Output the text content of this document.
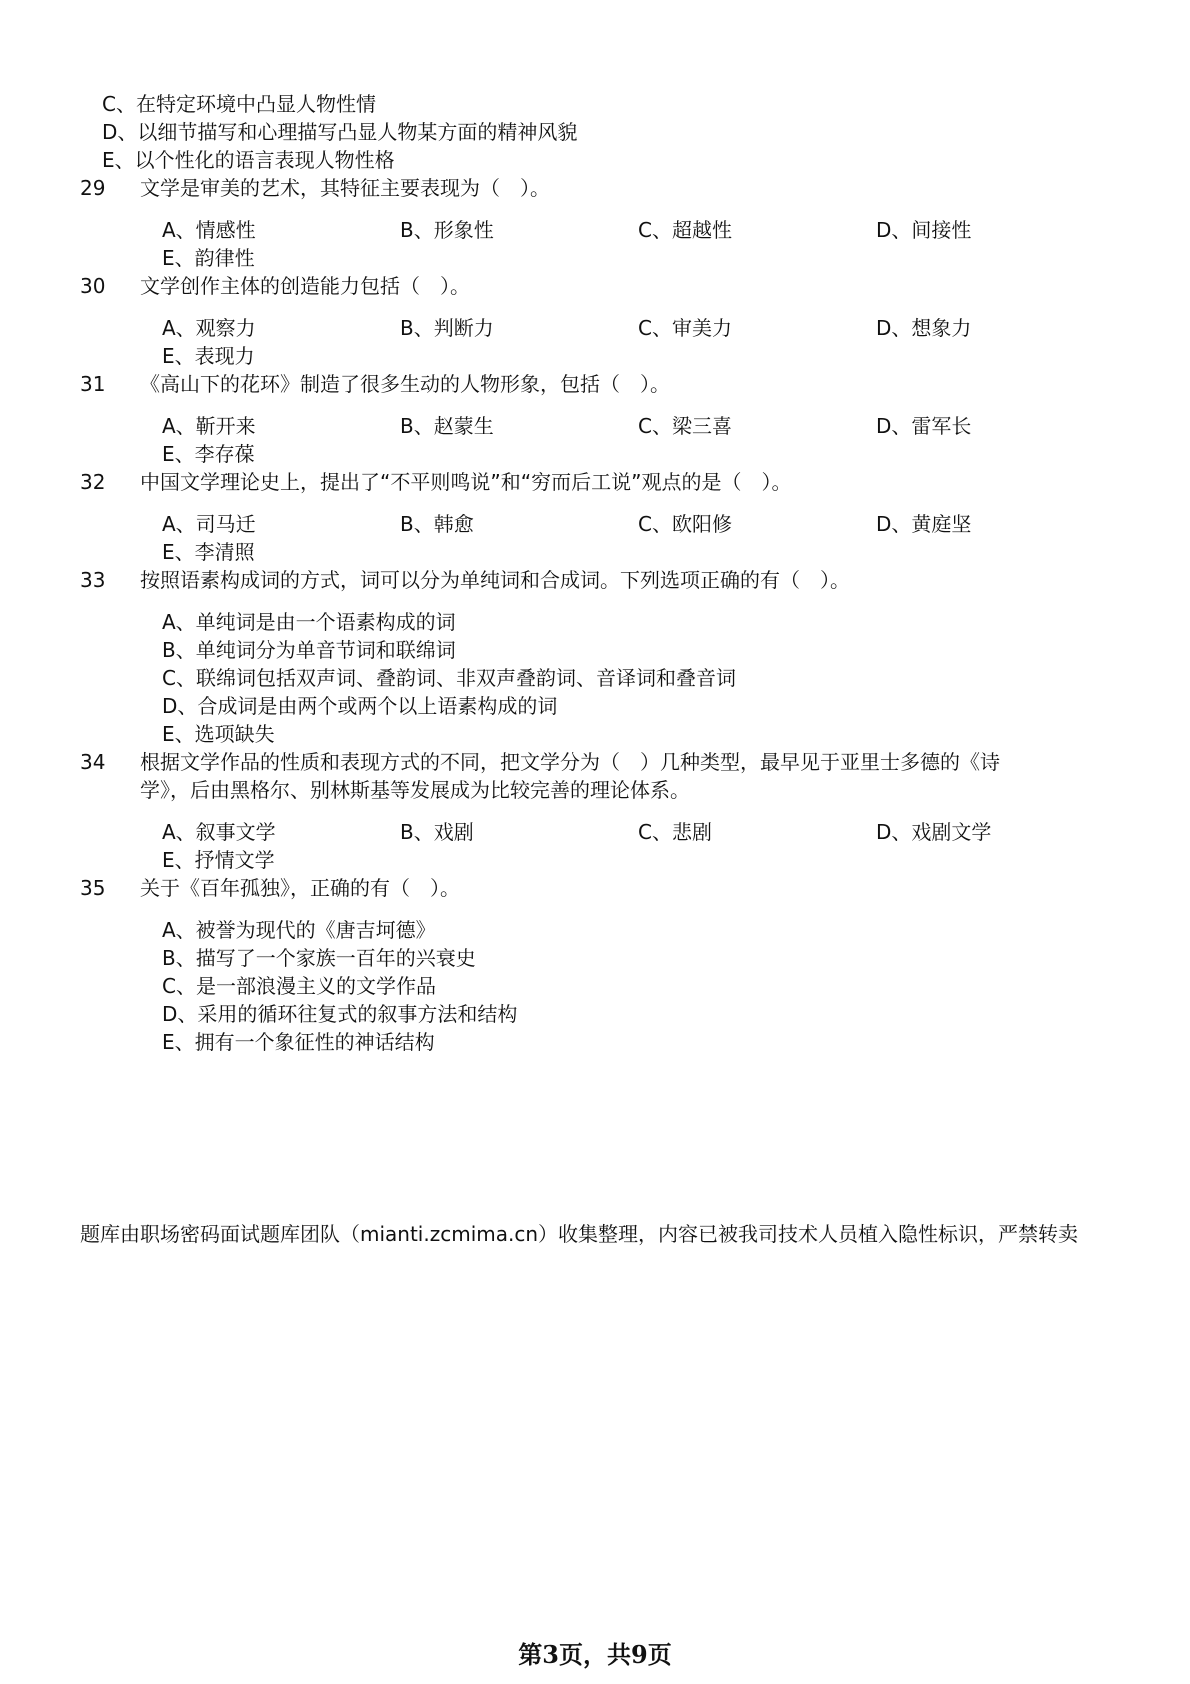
C、在特定环境中凸显人物性情
D、以细节描写和心理描写凸显人物某方面的精神风貌
E、以个性化的语言表现人物性格
29 文学是审美的艺术，其特征主要表现为（　）。
A、情感性	B、形象性	C、超越性	D、间接性
E、韵律性
30 文学创作主体的创造能力包括（　）。
A、观察力	B、判断力	C、审美力	D、想象力
E、表现力
31 《高山下的花环》制造了很多生动的人物形象，包括（　）。
A、靳开来	B、赵蒙生	C、梁三喜	D、雷军长
E、李存葆
32 中国文学理论史上，提出了“不平则鸣说”和“穷而后工说”观点的是（　）。
A、司马迁	B、韩愈	C、欧阳修	D、黄庭坚
E、李清照
33 按照语素构成词的方式，词可以分为单纯词和合成词。下列选项正确的有（　）。
A、单纯词是由一个语素构成的词
B、单纯词分为单音节词和联绵词
C、联绵词包括双声词、叠韵词、非双声叠韵词、音译词和叠音词
D、合成词是由两个或两个以上语素构成的词
E、选项缺失
34 根据文学作品的性质和表现方式的不同，把文学分为（　）几种类型，最早见于亚里士多德的《诗
学》，后由黑格尔、别林斯基等发展成为比较完善的理论体系。
A、叙事文学	B、戏剧	C、悲剧	D、戏剧文学
E、抒情文学
35 关于《百年孤独》，正确的有（　）。
A、被誉为现代的《唐吉坷德》
B、描写了一个家族一百年的兴衰史
C、是一部浪漫主义的文学作品
D、采用的循环往复式的叙事方法和结构
E、拥有一个象征性的神话结构
题库由职场密码面试题库团队（mianti.zcmima.cn）收集整理，内容已被我司技术人员植入隐性标识，严禁转卖
第3页，共9页
